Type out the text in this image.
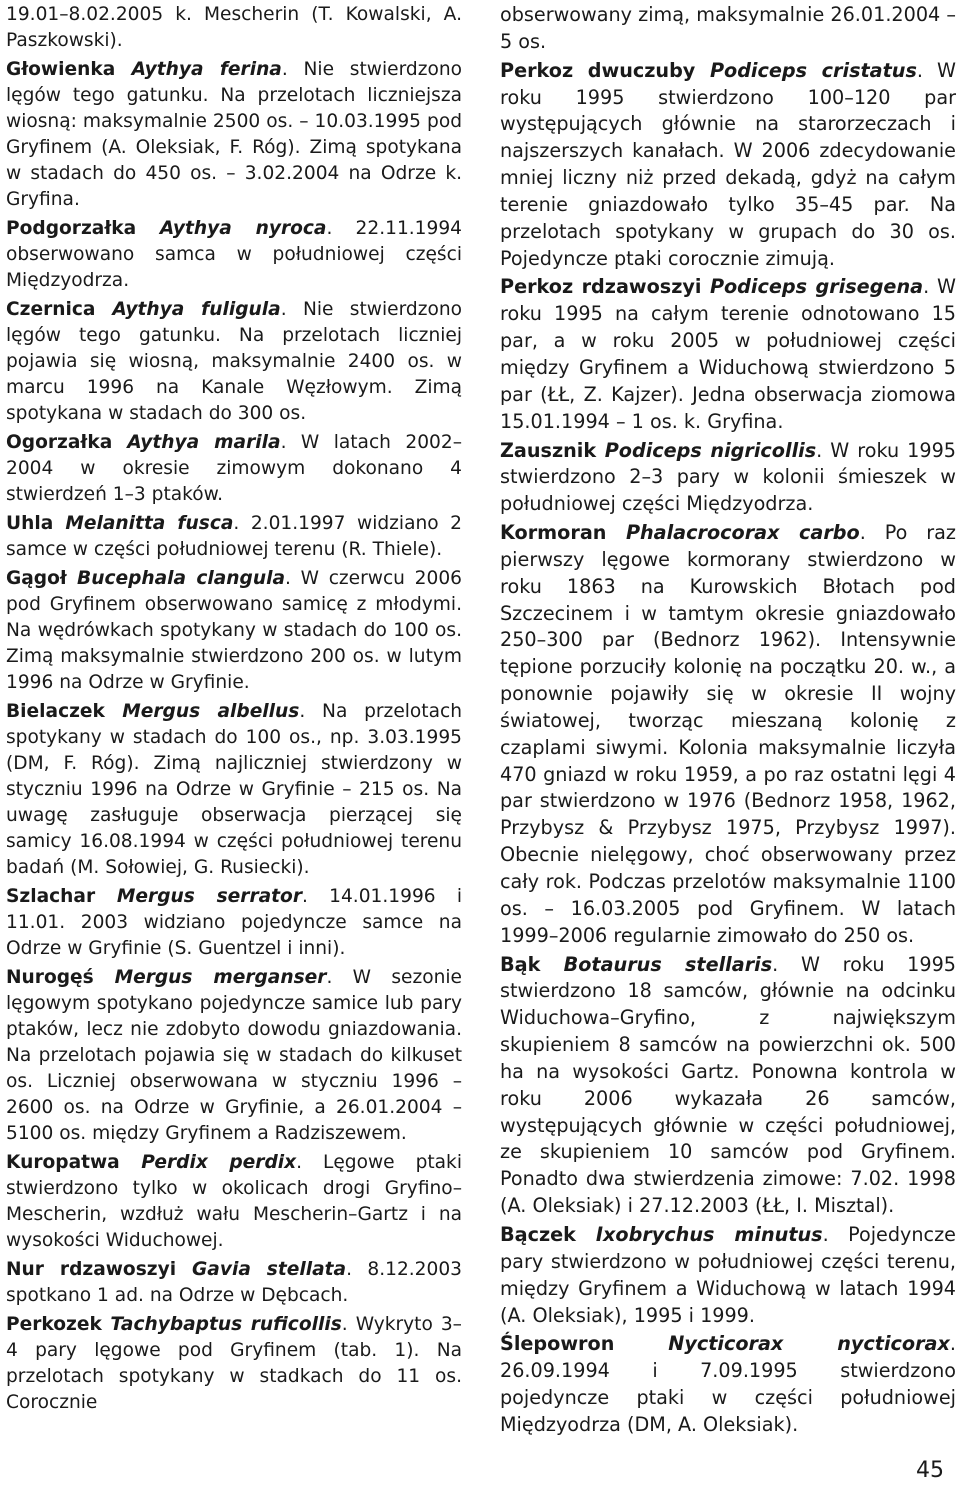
19.01–8.02.2005 k. Mescherin (T. Kowalski, A. Paszkowski).

Głowienka Aythya ferina. Nie stwierdzono lęgów tego gatunku. Na przelotach liczniejsza wiosną: maksymalnie 2500 os. – 10.03.1995 pod Gryfinem (A. Oleksiak, F. Róg). Zimą spotykana w stadach do 450 os. – 3.02.2004 na Odrze k. Gryfina.

Podgorzałka Aythya nyroca. 22.11.1994 obserwowano samca w południowej części Międzyodrza.

Czernica Aythya fuligula. Nie stwierdzono lęgów tego gatunku. Na przelotach liczniej pojawia się wiosną, maksymalnie 2400 os. w marcu 1996 na Kanale Węzłowym. Zimą spotykana w stadach do 300 os.

Ogorzałka Aythya marila. W latach 2002–2004 w okresie zimowym dokonano 4 stwierdzeń 1–3 ptaków.

Uhla Melanitta fusca. 2.01.1997 widziano 2 samce w części południowej terenu (R. Thiele).

Gągoł Bucephala clangula. W czerwcu 2006 pod Gryfinem obserwowano samicę z młodymi. Na wędrówkach spotykany w stadach do 100 os. Zimą maksymalnie stwierdzono 200 os. w lutym 1996 na Odrze w Gryfinie.

Bielaczek Mergus albellus. Na przelotach spotykany w stadach do 100 os., np. 3.03.1995 (DM, F. Róg). Zimą najliczniej stwierdzony w styczniu 1996 na Odrze w Gryfinie – 215 os. Na uwagę zasługuje obserwacja pierzącej się samicy 16.08.1994 w części południowej terenu badań (M. Sołowiej, G. Rusiecki).

Szlachar Mergus serrator. 14.01.1996 i 11.01. 2003 widziano pojedyncze samce na Odrze w Gryfinie (S. Guentzel i inni).

Nurogęś Mergus merganser. W sezonie lęgowym spotykano pojedyncze samice lub pary ptaków, lecz nie zdobyto dowodu gniazdowania. Na przelotach pojawia się w stadach do kilkuset os. Liczniej obserwowana w styczniu 1996 – 2600 os. na Odrze w Gryfinie, a 26.01.2004 – 5100 os. między Gryfinem a Radziszewem.

Kuropatwa Perdix perdix. Lęgowe ptaki stwierdzono tylko w okolicach drogi Gryfino–Mescherin, wzdłuż wału Mescherin–Gartz i na wysokości Widuchowej.

Nur rdzawoszyi Gavia stellata. 8.12.2003 spotkano 1 ad. na Odrze w Dębcach.

Perkozek Tachybaptus ruficollis. Wykryto 3–4 pary lęgowe pod Gryfinem (tab. 1). Na przelotach spotykany w stadkach do 11 os. Corocznie

obserwowany zimą, maksymalnie 26.01.2004 – 5 os.

Perkoz dwuczuby Podiceps cristatus. W roku 1995 stwierdzono 100–120 par występujących głównie na starorzeczach i najszerszych kanałach. W 2006 zdecydowanie mniej liczny niż przed dekadą, gdyż na całym terenie gniazdowało tylko 35–45 par. Na przelotach spotykany w grupach do 30 os. Pojedyncze ptaki corocznie zimują.

Perkoz rdzawoszyi Podiceps grisegena. W roku 1995 na całym terenie odnotowano 15 par, a w roku 2005 w południowej części między Gryfinem a Widuchową stwierdzono 5 par (ŁŁ, Z. Kajzer). Jedna obserwacja ziomowa 15.01.1994 – 1 os. k. Gryfina.

Zausznik Podiceps nigricollis. W roku 1995 stwierdzono 2–3 pary w kolonii śmieszek w południowej części Międzyodrza.

Kormoran Phalacrocorax carbo. Po raz pierwszy lęgowe kormorany stwierdzono w roku 1863 na Kurowskich Błotach pod Szczecinem i w tamtym okresie gniazdowało 250–300 par (Bednorz 1962). Intensywnie tępione porzuciły kolonię na początku 20. w., a ponownie pojawiły się w okresie II wojny światowej, tworząc mieszaną kolonię z czaplami siwymi. Kolonia maksymalnie liczyła 470 gniazd w roku 1959, a po raz ostatni lęgi 4 par stwierdzono w 1976 (Bednorz 1958, 1962, Przybysz & Przybysz 1975, Przybysz 1997). Obecnie nielęgowy, choć obserwowany przez cały rok. Podczas przelotów maksymalnie 1100 os. – 16.03.2005 pod Gryfinem. W latach 1999–2006 regularnie zimowało do 250 os.

Bąk Botaurus stellaris. W roku 1995 stwierdzono 18 samców, głównie na odcinku Widuchowa–Gryfino, z największym skupieniem 8 samców na powierzchni ok. 500 ha na wysokości Gartz. Ponowna kontrola w roku 2006 wykazała 26 samców, występujących głównie w części południowej, ze skupieniem 10 samców pod Gryfinem. Ponadto dwa stwierdzenia zimowe: 7.02. 1998 (A. Oleksiak) i 27.12.2003 (ŁŁ, I. Misztal).

Bączek Ixobrychus minutus. Pojedyncze pary stwierdzono w południowej części terenu, między Gryfinem a Widuchową w latach 1994 (A. Oleksiak), 1995 i 1999.

Ślepowron Nycticorax nycticorax. 26.09.1994 i 7.09.1995 stwierdzono pojedyncze ptaki w części południowej Międzyodrza (DM, A. Oleksiak).

45
